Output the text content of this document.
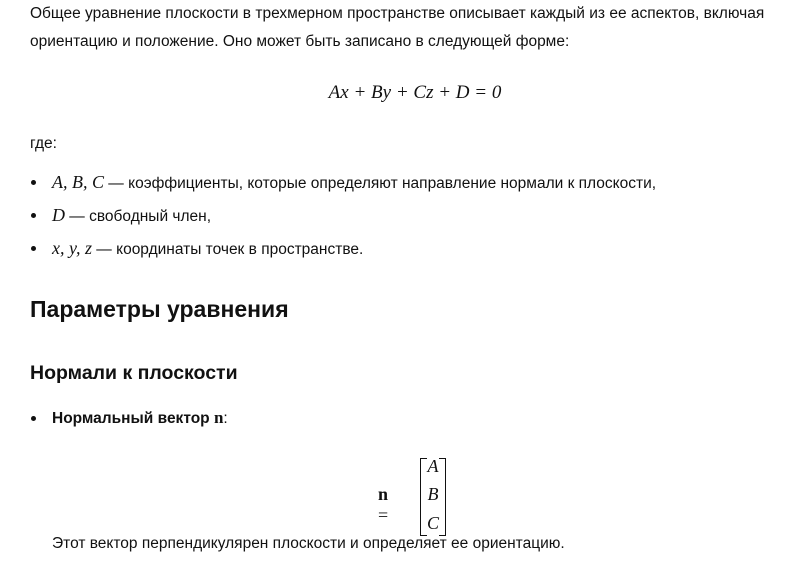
Общее уравнение плоскости в трехмерном пространстве описывает каждый из ее аспектов, включая

ориентацию и положение. Оно может быть записано в следующей форме:

Ax + By + Cz + D = 0

где:

A, B, C — коэффициенты, которые определяют направление нормали к плоскости,
D — свободный член,
x, y, z — координаты точек в пространстве.
Параметры уравнения
Нормали к плоскости
Нормальный вектор n:
n =
A
B
C

Этот вектор перпендикулярен плоскости и определяет ее ориентацию.
